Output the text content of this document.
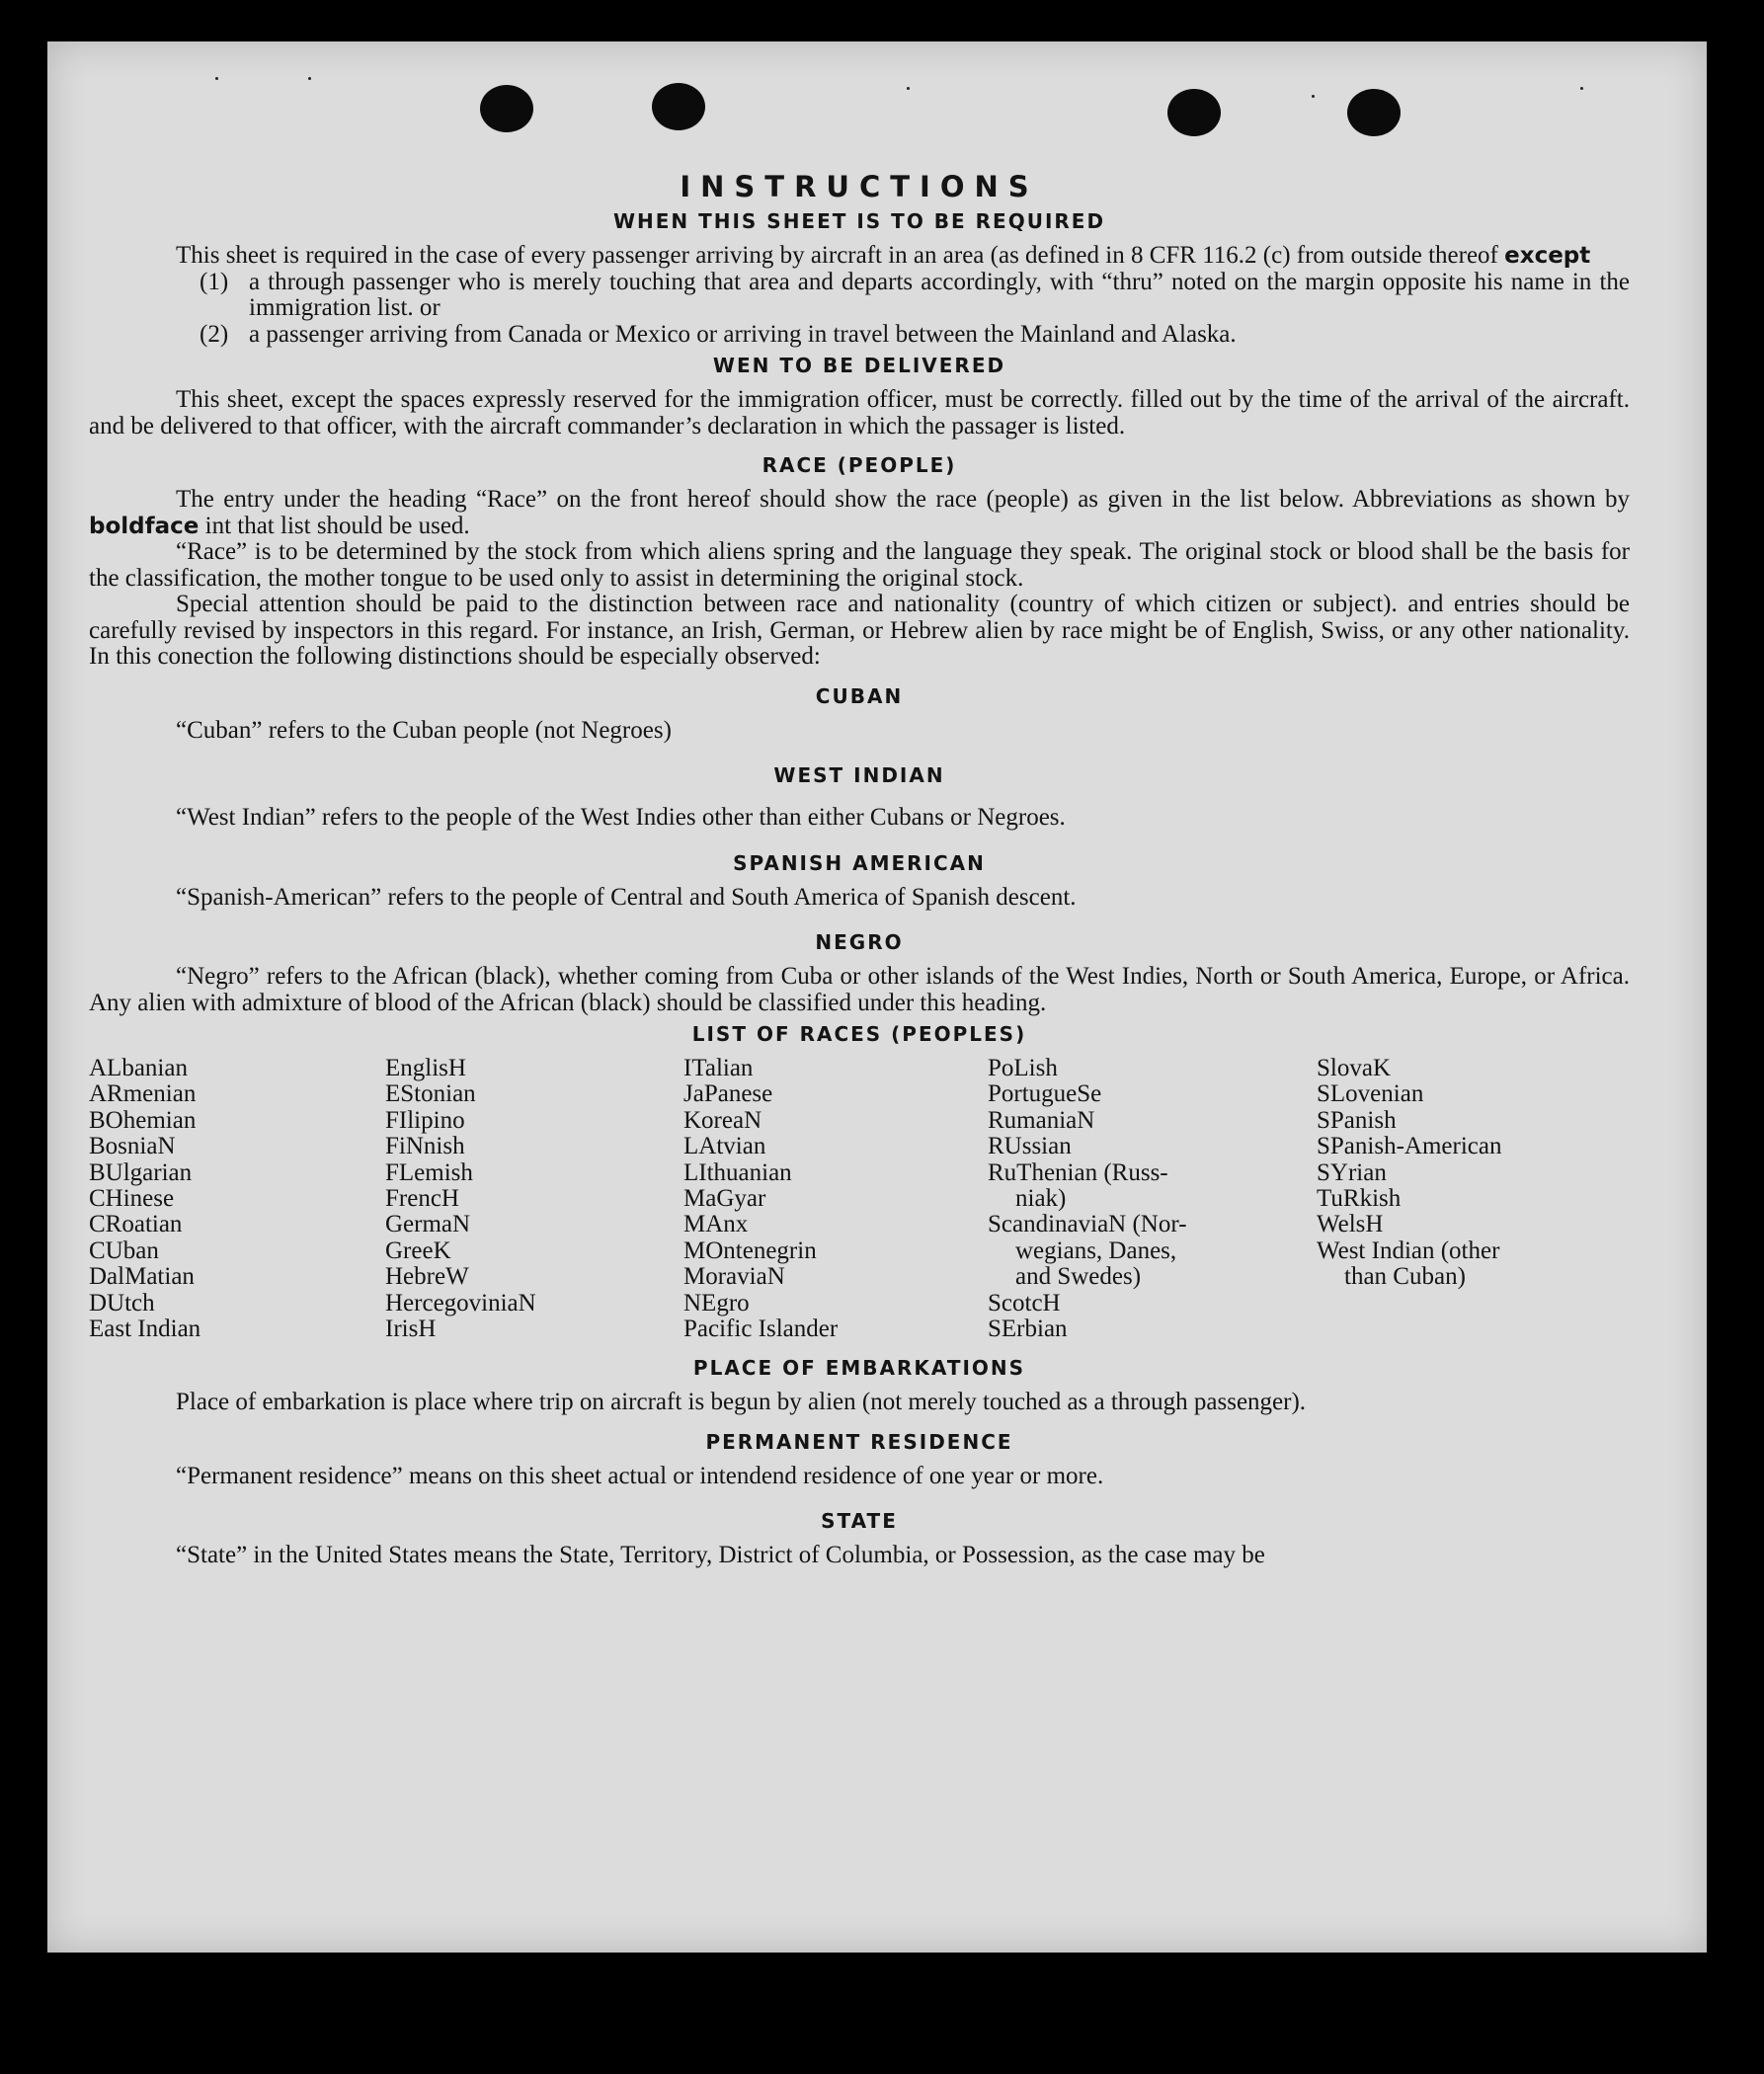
INSTRUCTIONS
WHEN THIS SHEET IS TO BE REQUIRED

This sheet is required in the case of every passenger arriving by aircraft in an area (as defined in 8 CFR 116.2 (c) from outside thereof except

(1) a through passenger who is merely touching that area and departs accordingly, with “thru” noted on the margin opposite his name in the immigration list. or
(2) a passenger arriving from Canada or Mexico or arriving in travel between the Mainland and Alaska.
WEN TO BE DELIVERED

This sheet, except the spaces expressly reserved for the immigration officer, must be correctly. filled out by the time of the arrival of the aircraft. and be delivered to that officer, with the aircraft commander’s declaration in which the passager is listed.

RACE (PEOPLE)

The entry under the heading “Race” on the front hereof should show the race (people) as given in the list below. Abbreviations as shown by boldface int that list should be used.

“Race” is to be determined by the stock from which aliens spring and the language they speak. The original stock or blood shall be the basis for the classification, the mother tongue to be used only to assist in determining the original stock.

Special attention should be paid to the distinction between race and nationality (country of which citizen or subject). and entries should be carefully revised by inspectors in this regard. For instance, an Irish, German, or Hebrew alien by race might be of English, Swiss, or any other nationality. In this conection the following distinctions should be especially observed:

CUBAN

“Cuban” refers to the Cuban people (not Negroes)

WEST INDIAN

“West Indian” refers to the people of the West Indies other than either Cubans or Negroes.

SPANISH AMERICAN

“Spanish-American” refers to the people of Central and South America of Spanish descent.

NEGRO

“Negro” refers to the African (black), whether coming from Cuba or other islands of the West Indies, North or South America, Europe, or Africa. Any alien with admixture of blood of the African (black) should be classified under this heading.

LIST OF RACES (PEOPLES)
ALbanian
ARmenian
BOhemian
BosniaN
BUlgarian
CHinese
CRoatian
CUban
DalMatian
DUtch
East Indian
EnglisH
EStonian
FIlipino
FiNnish
FLemish
FrencH
GermaN
GreeK
HebreW
HercegoviniaN
IrisH
ITalian
JaPanese
KoreaN
LAtvian
LIthuanian
MaGyar
MAnx
MOntenegrin
MoraviaN
NEgro
Pacific Islander
PoLish
PortugueSe
RumaniaN
RUssian
RuThenian (Russ-
niak)
ScandinaviaN (Nor-
wegians, Danes,
and Swedes)
ScotcH
SErbian
SlovaK
SLovenian
SPanish
SPanish-American
SYrian
TuRkish
WelsH
West Indian (other
than Cuban)
PLACE OF EMBARKATIONS

Place of embarkation is place where trip on aircraft is begun by alien (not merely touched as a through passenger).

PERMANENT RESIDENCE

“Permanent residence” means on this sheet actual or intendend residence of one year or more.

STATE

“State” in the United States means the State, Territory, District of Columbia, or Possession, as the case may be
